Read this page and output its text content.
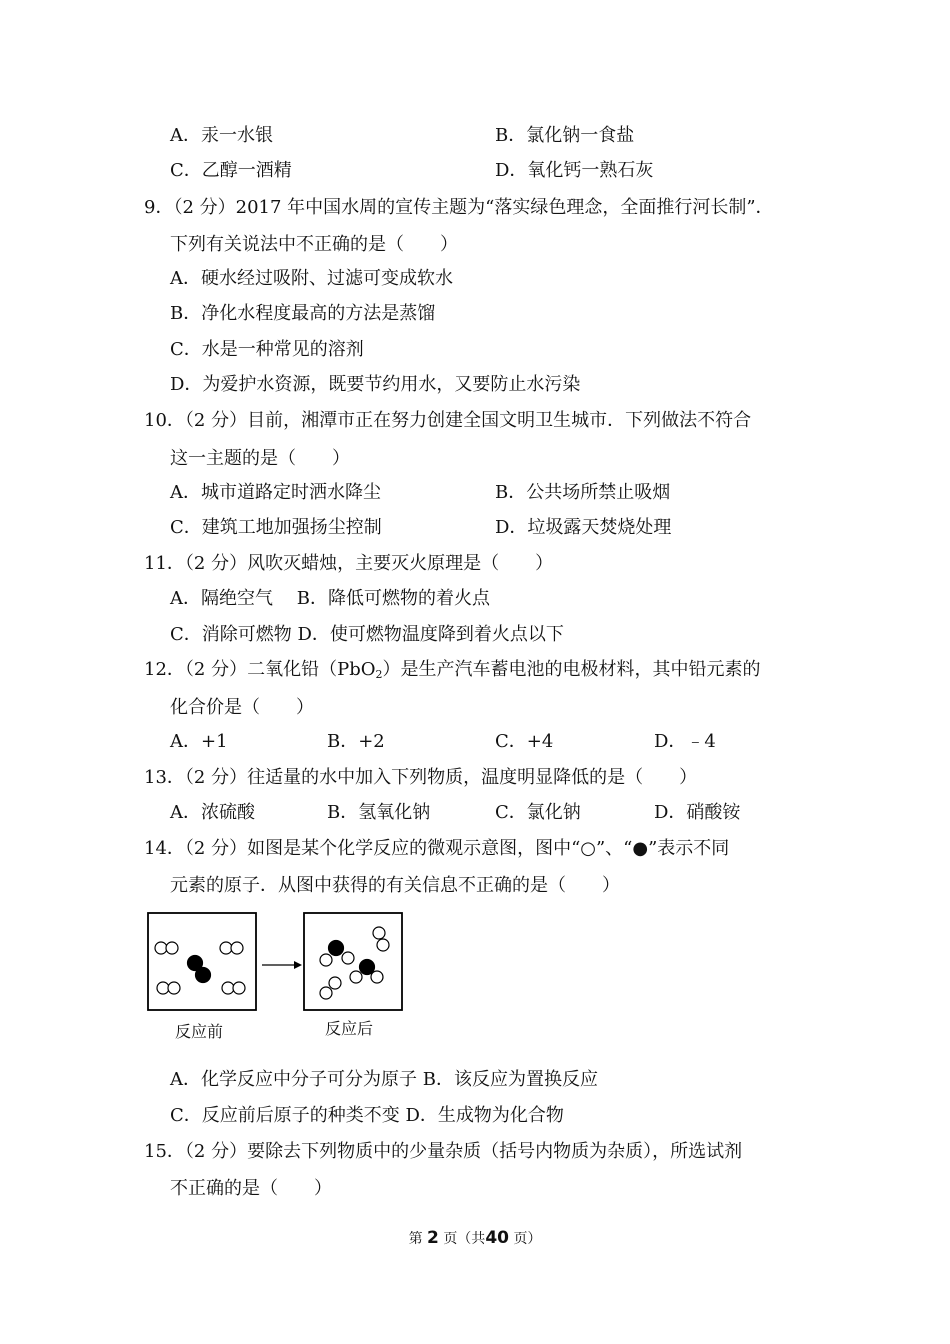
A．汞一水银	B．氯化钠一食盐
C．乙醇一酒精	D．氧化钙一熟石灰
9．（2 分）2017 年中国水周的宣传主题为“落实绿色理念，全面推行河长制”．
下列有关说法中不正确的是（　　）
A．硬水经过吸附、过滤可变成软水
B．净化水程度最高的方法是蒸馏
C．水是一种常见的溶剂
D．为爱护水资源，既要节约用水，又要防止水污染
10．（2 分）目前，湘潭市正在努力创建全国文明卫生城市．下列做法不符合
这一主题的是（　　）
A．城市道路定时洒水降尘	B．公共场所禁止吸烟
C．建筑工地加强扬尘控制	D．垃圾露天焚烧处理
11．（2 分）风吹灭蜡烛，主要灭火原理是（　　）
A．隔绝空气　 B．降低可燃物的着火点
C．消除可燃物 D．使可燃物温度降到着火点以下
12．（2 分）二氧化铅（PbO$_2$）是生产汽车蓄电池的电极材料，其中铅元素的
化合价是（　　）
A．+1	B．+2	C．+4	D．﹣4
13．（2 分）往适量的水中加入下列物质，温度明显降低的是（　　）
A．浓硫酸	B．氢氧化钠	C．氯化钠	D．硝酸铵
14．（2 分）如图是某个化学反应的微观示意图，图中“○”、“●”表示不同
元素的原子．从图中获得的有关信息不正确的是（　　）
反应前	反应后
A．化学反应中分子可分为原子 B．该反应为置换反应
C．反应前后原子的种类不变 D．生成物为化合物
15．（2 分）要除去下列物质中的少量杂质（括号内物质为杂质），所选试剂
不正确的是（　　）
第 2 页（共40 页）
